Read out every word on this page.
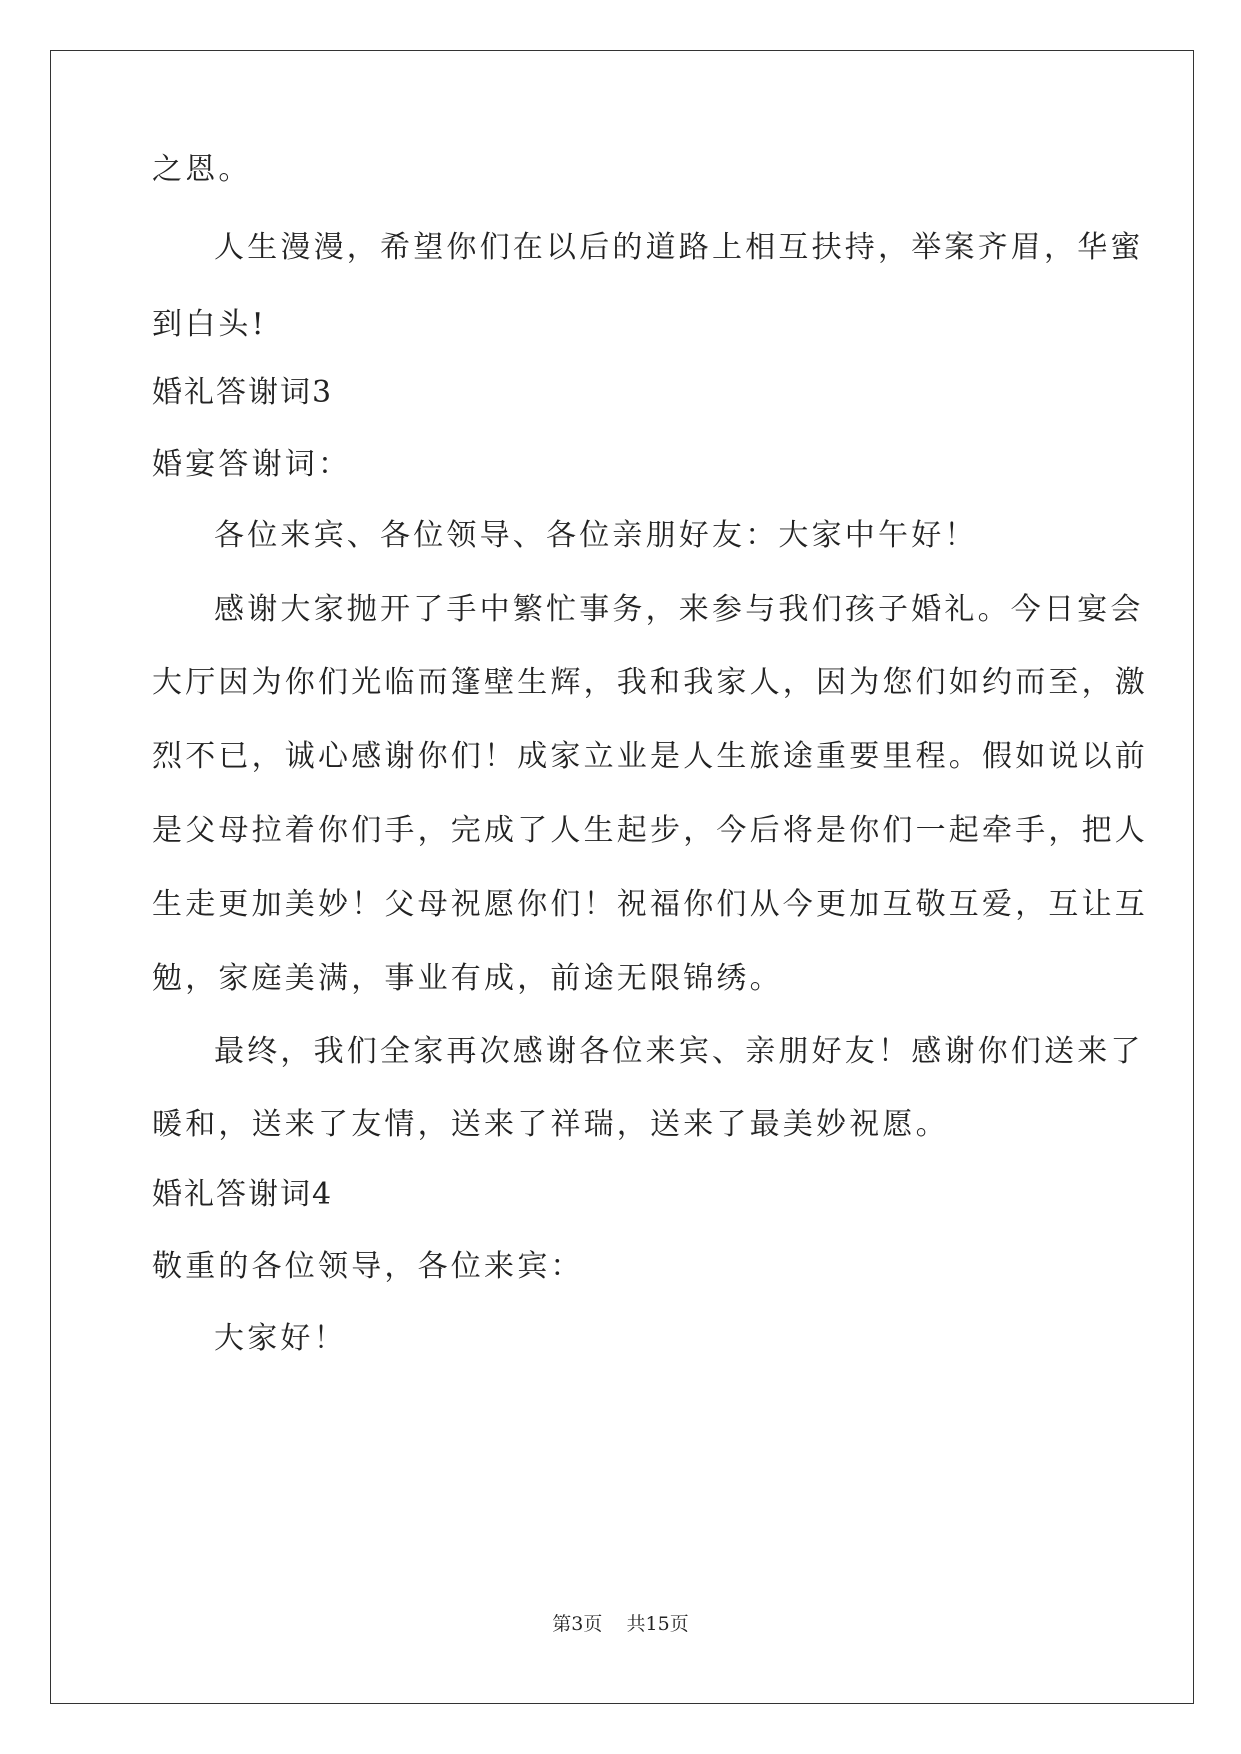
之恩。
人生漫漫，希望你们在以后的道路上相互扶持，举案齐眉，华蜜
到白头!
婚礼答谢词3
婚宴答谢词：
各位来宾、各位领导、各位亲朋好友：大家中午好！
感谢大家抛开了手中繁忙事务，来参与我们孩子婚礼。今日宴会
大厅因为你们光临而篷壁生辉，我和我家人，因为您们如约而至，激
烈不已，诚心感谢你们！成家立业是人生旅途重要里程。假如说以前
是父母拉着你们手，完成了人生起步，今后将是你们一起牵手，把人
生走更加美妙！父母祝愿你们！祝福你们从今更加互敬互爱，互让互
勉，家庭美满，事业有成，前途无限锦绣。
最终，我们全家再次感谢各位来宾、亲朋好友！感谢你们送来了
暖和，送来了友情，送来了祥瑞，送来了最美妙祝愿。
婚礼答谢词4
敬重的各位领导，各位来宾：
大家好！
第3页    共15页
